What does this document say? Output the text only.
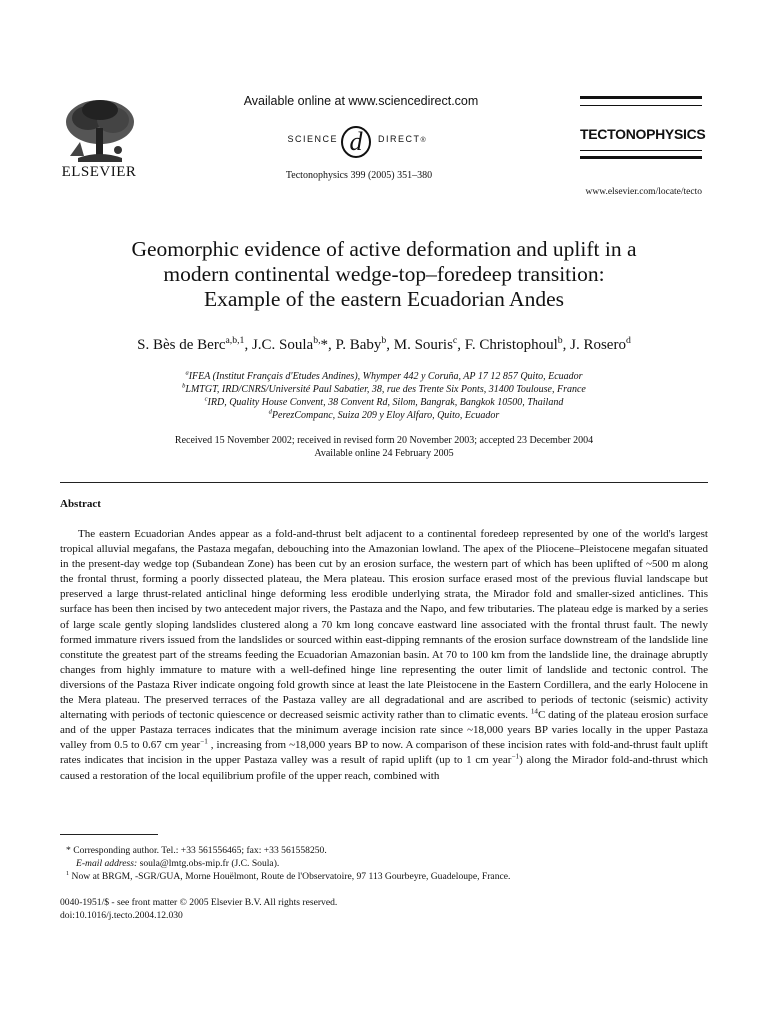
ELSEVIER
Available online at www.sciencedirect.com
SCIENCE d DIRECT®
Tectonophysics 399 (2005) 351–380
TECTONOPHYSICS
www.elsevier.com/locate/tecto
Geomorphic evidence of active deformation and uplift in a
modern continental wedge-top–foredeep transition:
Example of the eastern Ecuadorian Andes
S. Bès de Berc$^{a,b,1}$, J.C. Soula$^{b,}$*, P. Baby$^b$, M. Souris$^c$, F. Christophoul$^b$, J. Rosero$^d$
$^a$IFEA (Institut Français d'Etudes Andines), Whymper 442 y Coruña, AP 17 12 857 Quito, Ecuador
$^b$LMTGT, IRD/CNRS/Université Paul Sabatier, 38, rue des Trente Six Ponts, 31400 Toulouse, France
$^c$IRD, Quality House Convent, 38 Convent Rd, Silom, Bangrak, Bangkok 10500, Thailand
$^d$PerezCompanc, Suiza 209 y Eloy Alfaro, Quito, Ecuador
Received 15 November 2002; received in revised form 20 November 2003; accepted 23 December 2004
Available online 24 February 2005
Abstract
The eastern Ecuadorian Andes appear as a fold-and-thrust belt adjacent to a continental foredeep represented by one of the world's largest tropical alluvial megafans, the Pastaza megafan, debouching into the Amazonian lowland. The apex of the Pliocene–Pleistocene megafan situated in the present-day wedge top (Subandean Zone) has been cut by an erosion surface, the western part of which has been uplifted of ~500 m along the frontal thrust, forming a poorly dissected plateau, the Mera plateau. This erosion surface erased most of the previous fluvial landscape but preserved a large thrust-related anticlinal hinge deforming less erodible underlying strata, the Mirador fold and smaller-sized anticlines. This surface has been then incised by two antecedent major rivers, the Pastaza and the Napo, and few tributaries. The plateau edge is marked by a series of large scale gently sloping landslides clustered along a 70 km long concave eastward line associated with the frontal thrust fault. The newly formed immature rivers issued from the landslides or sourced within east-dipping remnants of the erosion surface downstream of the landslide line constitute the greatest part of the streams feeding the Ecuadorian Amazonian basin. At 70 to 100 km from the landslide line, the drainage abruptly changes from highly immature to mature with a well-defined hinge line representing the outer limit of landslide and tectonic control. The diversions of the Pastaza River indicate ongoing fold growth since at least the late Pleistocene in the Eastern Cordillera, and the early Holocene in the Mera plateau. The preserved terraces of the Pastaza valley are all degradational and are ascribed to periods of tectonic (seismic) activity alternating with periods of tectonic quiescence or decreased seismic activity rather than to climatic events. $^{14}$C dating of the plateau erosion surface and of the upper Pastaza terraces indicates that the minimum average incision rate since ~18,000 years BP varies locally in the upper Pastaza valley from 0.5 to 0.67 cm year$^{-1}$ , increasing from ~18,000 years BP to now. A comparison of these incision rates with fold-and-thrust fault uplift rates indicates that incision in the upper Pastaza valley was a result of rapid uplift (up to 1 cm year$^{-1}$) along the Mirador fold-and-thrust which caused a restoration of the local equilibrium profile of the upper reach, combined with
* Corresponding author. Tel.: +33 561556465; fax: +33 561558250.
E-mail address: soula@lmtg.obs-mip.fr (J.C. Soula).
$^1$ Now at BRGM, -SGR/GUA, Morne Houëlmont, Route de l'Observatoire, 97 113 Gourbeyre, Guadeloupe, France.
0040-1951/$ - see front matter © 2005 Elsevier B.V. All rights reserved.
doi:10.1016/j.tecto.2004.12.030
